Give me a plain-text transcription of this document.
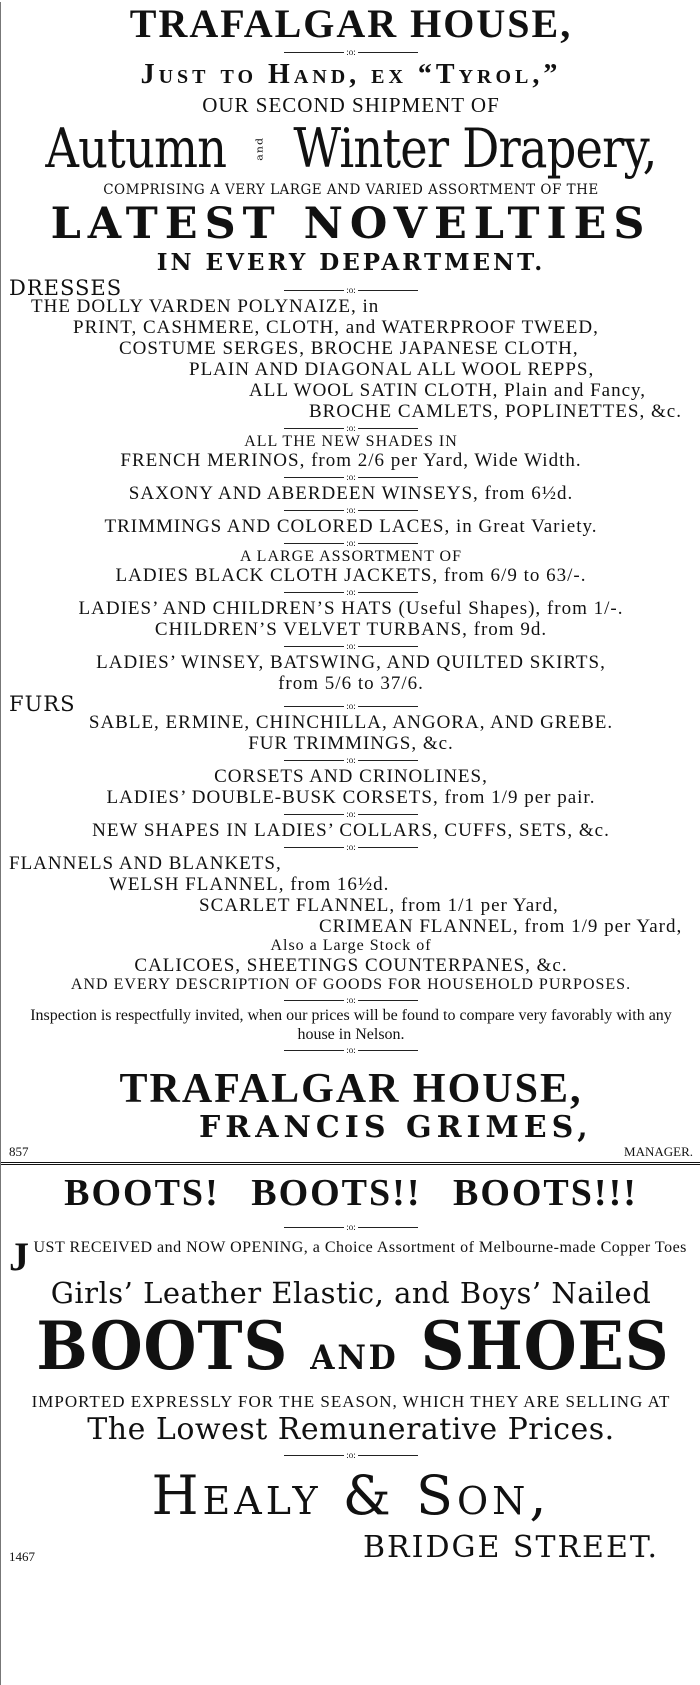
TRAFALGAR HOUSE,
:o:
Just to Hand, ex “Tyrol,”
OUR SECOND SHIPMENT OF
Autumn	and Winter Drapery,
COMPRISING A VERY LARGE AND VARIED ASSORTMENT OF THE
LATEST NOVELTIES
IN EVERY DEPARTMENT.
DRESSES	:o:
THE DOLLY VARDEN POLYNAIZE, in
PRINT, CASHMERE, CLOTH, and WATERPROOF TWEED,
COSTUME SERGES, BROCHE JAPANESE CLOTH,
PLAIN AND DIAGONAL ALL WOOL REPPS,
ALL WOOL SATIN CLOTH, Plain and Fancy,
BROCHE CAMLETS, POPLINETTES, &c.
:o:
ALL THE NEW SHADES IN
FRENCH MERINOS, from 2/6 per Yard, Wide Width.
:o:
SAXONY AND ABERDEEN WINSEYS, from 6½d.
:o:
TRIMMINGS AND COLORED LACES, in Great Variety.
:o:
A LARGE ASSORTMENT OF
LADIES BLACK CLOTH JACKETS, from 6/9 to 63/-.
:o:
LADIES’ AND CHILDREN’S HATS (Useful Shapes), from 1/-.
CHILDREN’S VELVET TURBANS, from 9d.
:o:
LADIES’ WINSEY, BATSWING, AND QUILTED SKIRTS,
from 5/6 to 37/6.
FURS	:o:
SABLE, ERMINE, CHINCHILLA, ANGORA, AND GREBE.
FUR TRIMMINGS, &c.
:o:
CORSETS AND CRINOLINES,
LADIES’ DOUBLE-BUSK CORSETS, from 1/9 per pair.
:o:
NEW SHAPES IN LADIES’ COLLARS, CUFFS, SETS, &c.
:o:
FLANNELS AND BLANKETS,
WELSH FLANNEL, from 16½d.
SCARLET FLANNEL, from 1/1 per Yard,
CRIMEAN FLANNEL, from 1/9 per Yard,
Also a Large Stock of
CALICOES, SHEETINGS COUNTERPANES, &c.
AND EVERY DESCRIPTION OF GOODS FOR HOUSEHOLD PURPOSES.
:o:
Inspection is respectfully invited, when our prices will be found to compare very favorably with any house in Nelson.
:o:
TRAFALGAR HOUSE,
FRANCIS GRIMES,
857	MANAGER.
BOOTS! BOOTS!! BOOTS!!!
:o:
J UST RECEIVED and NOW OPENING, a Choice Assortment of Melbourne-made Copper Toes
Girls’ Leather Elastic, and Boys’ Nailed
BOOTS AND SHOES
IMPORTED EXPRESSLY FOR THE SEASON, WHICH THEY ARE SELLING AT
The Lowest Remunerative Prices.
:o:
Healy & Son,
1467	BRIDGE STREET.
